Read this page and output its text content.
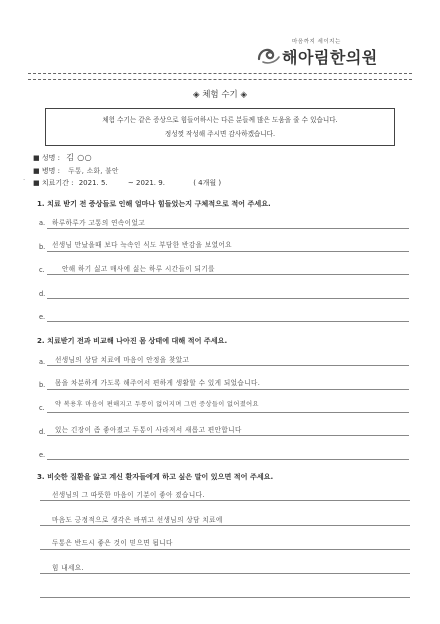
마음까지 세이지는
해아림한의원
◈ 체험 수기 ◈
체험 수기는 같은 증상으로 힘들어하시는 다른 분들께 많은 도움을 줄 수 있습니다.
정성껏 작성해 주시면 감사하겠습니다.
■ 성명 : 김 ○○
■ 병명 : 두통, 소화, 불안
· ■ 치료기간 : 2021. 5.	~ 2021. 9.	( 4개월 )
1. 치료 받기 전 증상들로 인해 얼마나 힘들었는지 구체적으로 적어 주세요.
a. 하루하루가 고통의 연속이었고
b. 선생님 만났을때 보다 늑속인 식도 부담한 반감을 보였어요
c.	안해 하기 싫고 매사에 싫는 하루 시간들이 되기를
d.
e.
2. 치료받기 전과 비교해 나아진 몸 상태에 대해 적어 주세요.
a. 선생님의 상담 치료에 마음이 안정을 찾았고
b. 몸을 차분하게 가도록 해주어서 편하게 생활할 수 있게 되었습니다.
c. 약 복용후 마음이 편해지고 두통이 없어지며 그런 증상들이 없어졌어요
d. 있는 긴장이 좀 좋아졌고 두통이 사라져서 새롭고 편안합니다
e.
3. 비슷한 질환을 앓고 계신 환자들에게 하고 싶은 말이 있으면 적어 주세요.
선생님의 그 따뜻한 마음이 기분이 좋아 졌습니다.
마음도 긍정적으로 생각은 바뀌고 선생님의 상담 치료에
두통은 반드시 좋은 것이 믿으면 됩니다
힘 내세요.
